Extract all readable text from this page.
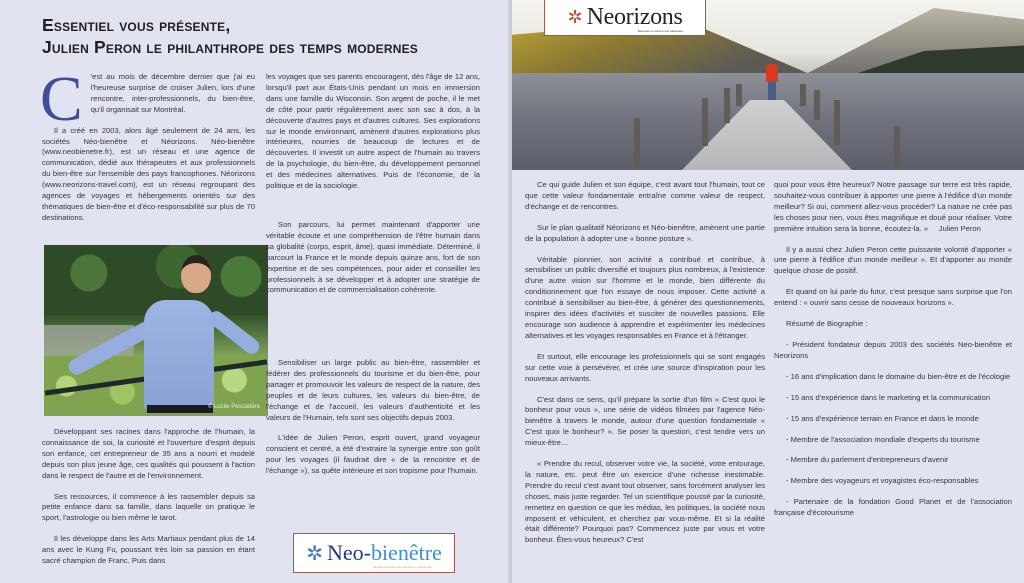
Essentiel vous présente,
Julien Peron le philanthrope des temps modernes

C 'est au mois de décembre dernier que j'ai eu l'heureuse surprise de croiser Julien, lors d'une rencontre, inter-professionnels, du bien-être, qu'il organisait sur Montréal.

Il a créé en 2003, alors âgé seulement de 24 ans, les sociétés Néo-bienêtre et Néorizons. Néo-bienêtre (www.neobienetre.fr), est un réseau et une agence de communication, dédié aux thérapeutes et aux professionnels du bien-être sur l'ensemble des pays francophones. Néorizons (www.neorizons-travel.com), est un réseau regroupant des agences de voyages et hébergements orientés sur des thématiques de bien-être et d'éco-responsabilité sur plus de 70 destinations.

© Lucile Pescadère

Développant ses racines dans l'approche de l'humain, la connaissance de soi, la curiosité et l'ouverture d'esprit depuis son enfance, cet entrepreneur de 35 ans a nourri et modelé depuis son plus jeune âge, ces qualités qui poussent à l'action dans le respect de l'autre et de l'environnement.

Ses ressources, il commence à les rassembler depuis sa petite enfance dans sa famille, dans laquelle on pratique le sport, l'astrologie ou bien même le tarot.

Il les développe dans les Arts Martiaux pendant plus de 14 ans avec le Kung Fu, poussant très loin sa passion en étant sacré champion de Franc. Puis dans

les voyages que ses parents encouragent, dès l'âge de 12 ans, lorsqu'il part aux États-Unis pendant un mois en immersion dans une famille du Wisconsin. Son argent de poche, il le met de côté pour partir régulièrement avec son sac à dos, à la découverte d'autres pays et d'autres cultures. Ses explorations sur le monde environnant, amènent d'autres explorations plus intérieures, nourries de beaucoup de lectures et de découvertes. Il investit un autre aspect de l'humain au travers de la psychologie, du bien-être, du développement personnel et des médecines alternatives. Puis de l'économie, de la politique et de la sociologie.

Son parcours, lui permet maintenant d'apporter une véritable écoute et une compréhension de l'être humain dans sa globalité (corps, esprit, âme), quasi immédiate. Déterminé, il parcourt la France et le monde depuis quinze ans, fort de son expertise et de ses compétences, pour aider et conseiller les professionnels à se développer et à adopter une stratégie de communication et de commercialisation cohérente.

Sensibiliser un large public au bien-être, rassembler et fédérer des professionnels du tourisme et du bien-être, pour partager et promouvoir les valeurs de respect de la nature, des peuples et de leurs cultures, les valeurs du bien-être, de l'échange et de l'accueil, les valeurs d'authenticité et les valeurs de l'Humain, tels sont ses objectifs depuis 2003.

L'idée de Julien Peron, esprit ouvert, grand voyageur conscient et centré, a été d'extraire la synergie entre son goût pour les voyages (il faudrait dire « de la rencontre et de l'échange »), sa quête intérieure et son tropisme pour l'humain.

✲ Neo-bienêtre
Du bien-être dans un monde en mouvement

Ce qui guide Julien et son équipe, c'est avant tout l'humain, tout ce que cette valeur fondamentale entraîne comme valeur de respect, d'échange et de rencontres.

Sur le plan qualitatif Néorizons et Néo-bienêtre, amènent une partie de la population à adopter une « bonne posture ».

Véritable pionnier, son activité a contribué et contribue, à sensibiliser un public diversifié et toujours plus nombreux, à l'existence d'une autre vision sur l'homme et le monde, bien différente du conditionnement que l'on essaye de nous imposer. Cette activité a contribué à sensibiliser au bien-être, à générer des questionnements, inspirer des idées d'activités et susciter de nouvelles passions. Elle encourage son audience à apprendre et expérimenter les médecines alternatives et les voyages responsables en France et à l'étranger.

Et surtout, elle encourage les professionnels qui se sont engagés sur cette voie à persévérer, et crée une source d'inspiration pour les nouveaux arrivants.

C'est dans ce sens, qu'il prépare la sortie d'un film « C'est quoi le bonheur pour vous », une série de vidéos filmées par l'agence Néo-bienêtre à travers le monde, autour d'une question fondamentale « C'est quoi le bonheur? ». Se poser la question, c'est tendre vers un mieux-être…

« Prendre du recul, observer votre vie, la société, votre entourage, la nature, etc. peut être un exercice d'une richesse inestimable. Prendre du recul c'est avant tout observer, sans forcément analyser les choses, mais juste regarder. Tel un scientifique poussé par la curiosité, remettez en question ce que les médias, les politiques, la société nous imposent et véhiculent, et cherchez par vous-même. Et si la réalité était différente? Pourquoi pas? Commencez juste par vous et votre bonheur. Êtes-vous heureux? C'est

quoi pour vous être heureux? Notre passage sur terre est très rapide, souhaitez-vous contribuer à apporter une pierre à l'édifice d'un monde meilleur? Si oui, comment allez-vous procéder? La nature ne crée pas les choses pour rien, vous êtes magnifique et doué pour réaliser. Votre première intuition sera la bonne, écoutez-la. » Julien Peron

Il y a aussi chez Julien Peron cette puissante volonté d'apporter « une pierre à l'édifice d'un monde meilleur ». Et d'apporter au monde quelque chose de positif.

Et quand on lui parle du futur, c'est presque sans surprise que l'on entend : « ouvrir sans cesse de nouveaux horizons ».

Résumé de Biographie :

- Président fondateur depuis 2003 des sociétés Neo-bienêtre et Neorizons

- 16 ans d'implication dans le domaine du bien-être et de l'écologie

- 15 ans d'expérience dans le marketing et la communication

- 15 ans d'expérience terrain en France et dans le monde

- Membre de l'association mondiale d'experts du tourisme

- Membre du parlement d'entrepreneurs d'avenir

- Membre des voyageurs et voyagistes éco-responsables

- Partenaire de la fondation Good Planet et de l'association française d'écotourisme

✲ Neorizons
Devenez un sens à vos vacances...
